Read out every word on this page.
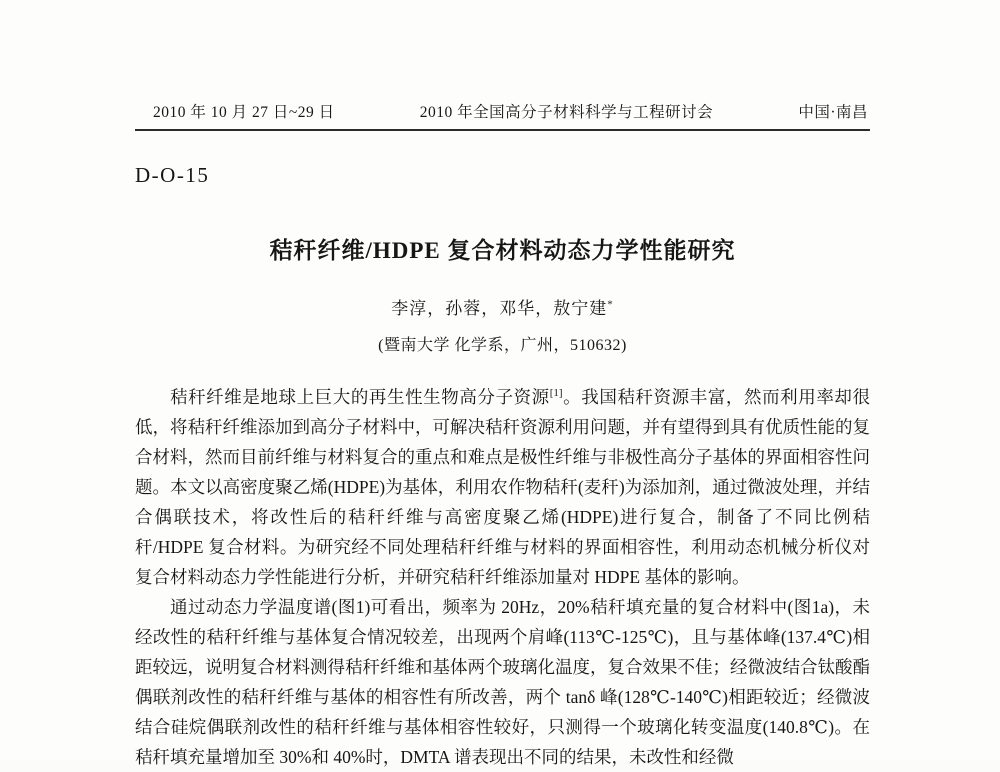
2010 年 10 月 27 日~29 日	2010 年全国高分子材料科学与工程研讨会	中国·南昌
D-O-15
秸秆纤维/HDPE 复合材料动态力学性能研究
李淳，孙蓉，邓华，敖宁建*
(暨南大学 化学系，广州，510632)

秸秆纤维是地球上巨大的再生性生物高分子资源[1]。我国秸秆资源丰富，然而利用率却很低，将秸秆纤维添加到高分子材料中，可解决秸秆资源利用问题，并有望得到具有优质性能的复合材料，然而目前纤维与材料复合的重点和难点是极性纤维与非极性高分子基体的界面相容性问题。本文以高密度聚乙烯(HDPE)为基体，利用农作物秸秆(麦秆)为添加剂，通过微波处理，并结合偶联技术，将改性后的秸秆纤维与高密度聚乙烯(HDPE)进行复合，制备了不同比例秸秆/HDPE 复合材料。为研究经不同处理秸秆纤维与材料的界面相容性，利用动态机械分析仪对复合材料动态力学性能进行分析，并研究秸秆纤维添加量对 HDPE 基体的影响。

通过动态力学温度谱(图1)可看出，频率为 20Hz，20%秸秆填充量的复合材料中(图1a)，未经改性的秸秆纤维与基体复合情况较差，出现两个肩峰(113℃-125℃)，且与基体峰(137.4℃)相距较远，说明复合材料测得秸秆纤维和基体两个玻璃化温度，复合效果不佳；经微波结合钛酸酯偶联剂改性的秸秆纤维与基体的相容性有所改善，两个 tanδ 峰(128℃-140℃)相距较近；经微波结合硅烷偶联剂改性的秸秆纤维与基体相容性较好，只测得一个玻璃化转变温度(140.8℃)。在秸秆填充量增加至 30%和 40%时，DMTA 谱表现出不同的结果，未改性和经微
